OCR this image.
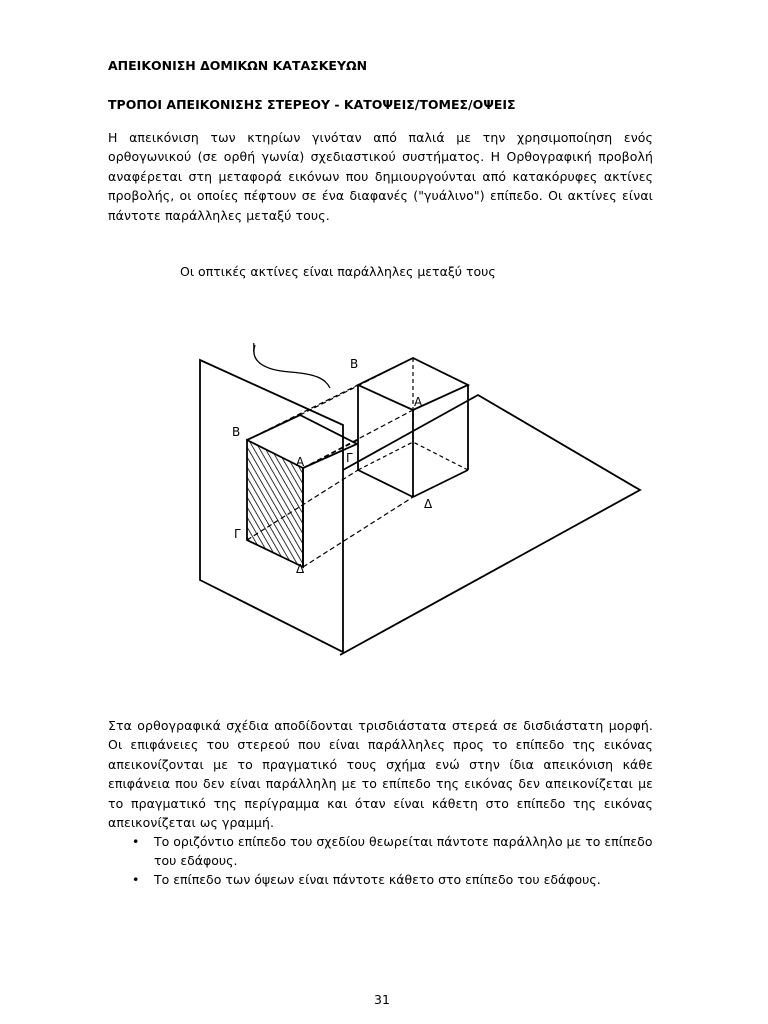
ΑΠΕΙΚΟΝΙΣΗ ΔΟΜΙΚΩΝ ΚΑΤΑΣΚΕΥΩΝ
ΤΡΟΠΟΙ ΑΠΕΙΚΟΝΙΣΗΣ ΣΤΕΡΕΟΥ - ΚΑΤΟΨΕΙΣ/ΤΟΜΕΣ/ΟΨΕΙΣ
Η απεικόνιση των κτηρίων γινόταν από παλιά με την χρησιμοποίηση ενός ορθογωνικού (σε ορθή γωνία) σχεδιαστικού συστήματος. Η Ορθογραφική προβολή αναφέρεται στη μεταφορά εικόνων που δημιουργούνται από κατακόρυφες ακτίνες προβολής, οι οποίες πέφτουν σε ένα διαφανές ("γυάλινο") επίπεδο. Οι ακτίνες είναι πάντοτε παράλληλες μεταξύ τους.
Οι οπτικές ακτίνες είναι παράλληλες μεταξύ τους
Ι
Β
Β
Α
Γ
Δ
Α
Γ
Δ
Στα ορθογραφικά σχέδια αποδίδονται τρισδιάστατα στερεά σε δισδιάστατη μορφή. Οι επιφάνειες του στερεού που είναι παράλληλες προς το επίπεδο της εικόνας απεικονίζονται με το πραγματικό τους σχήμα ενώ στην ίδια απεικόνιση κάθε επιφάνεια που δεν είναι παράλληλη με το επίπεδο της εικόνας δεν απεικονίζεται με το πραγματικό της περίγραμμα και όταν είναι κάθετη στο επίπεδο της εικόνας απεικονίζεται ως γραμμή.
• Το οριζόντιο επίπεδο του σχεδίου θεωρείται πάντοτε παράλληλο με το επίπεδο του εδάφους.
• Το επίπεδο των όψεων είναι πάντοτε κάθετο στο επίπεδο του εδάφους.
31
